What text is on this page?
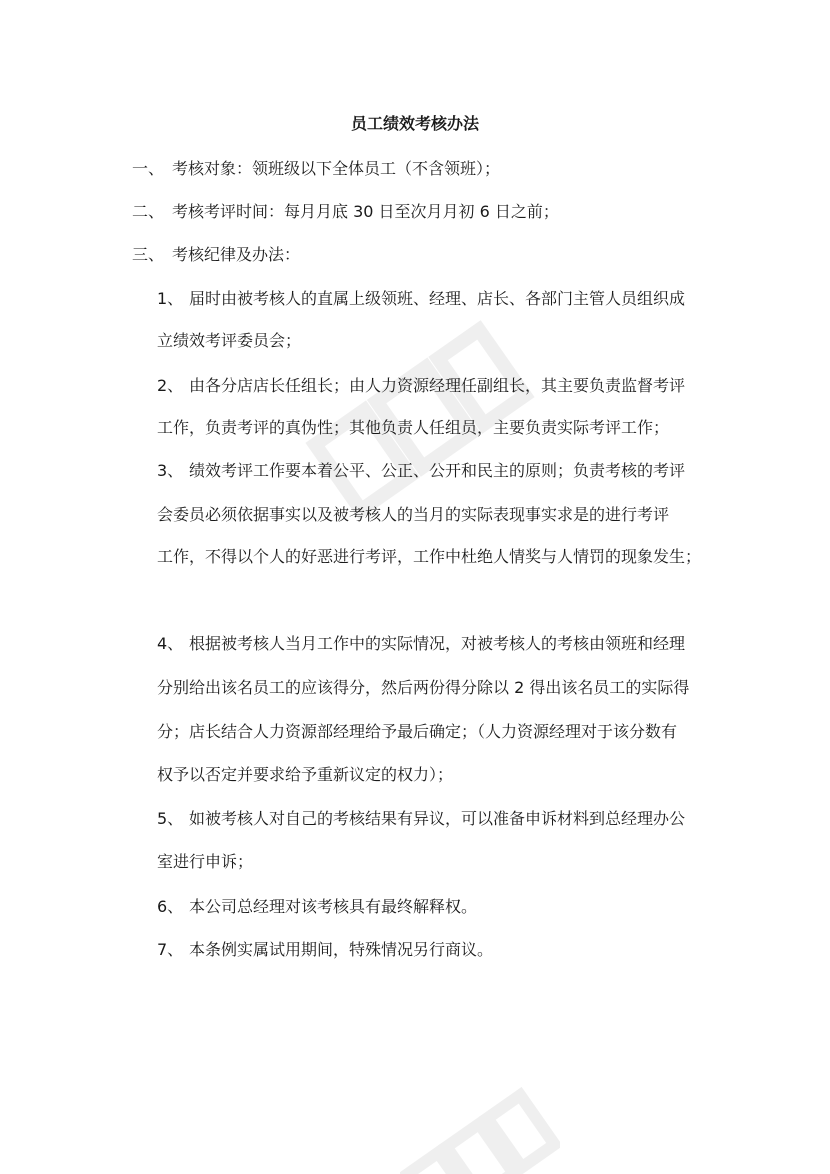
员工绩效考核办法
一、 考核对象：领班级以下全体员工（不含领班）；
二、 考核考评时间：每月月底 30 日至次月月初 6 日之前；
三、 考核纪律及办法：
1、 届时由被考核人的直属上级领班、经理、店长、各部门主管人员组织成
立绩效考评委员会；
2、 由各分店店长任组长；由人力资源经理任副组长，其主要负责监督考评
工作，负责考评的真伪性；其他负责人任组员，主要负责实际考评工作；
3、 绩效考评工作要本着公平、公正、公开和民主的原则；负责考核的考评
会委员必须依据事实以及被考核人的当月的实际表现事实求是的进行考评
工作，不得以个人的好恶进行考评，工作中杜绝人情奖与人情罚的现象发生；
4、 根据被考核人当月工作中的实际情况，对被考核人的考核由领班和经理
分别给出该名员工的应该得分，然后两份得分除以 2 得出该名员工的实际得
分；店长结合人力资源部经理给予最后确定；（人力资源经理对于该分数有
权予以否定并要求给予重新议定的权力）；
5、 如被考核人对自己的考核结果有异议，可以准备申诉材料到总经理办公
室进行申诉；
6、 本公司总经理对该考核具有最终解释权。
7、 本条例实属试用期间，特殊情况另行商议。
